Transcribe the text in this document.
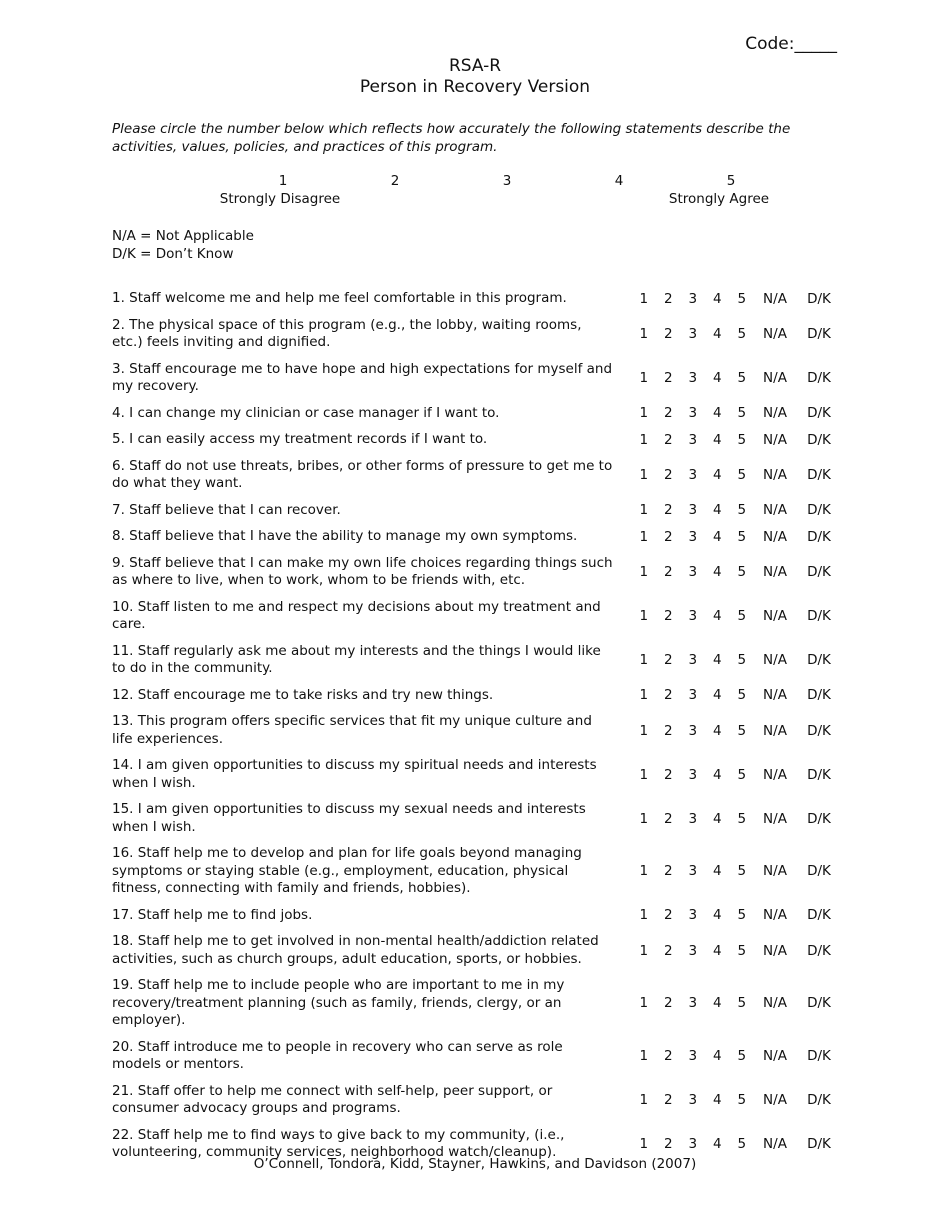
Code:_____
RSA-R
Person in Recovery Version
Please circle the number below which reflects how accurately the following statements describe the activities, values, policies, and practices of this program.
1	2	3	4	5
Strongly Disagree	Strongly Agree
N/A = Not Applicable
D/K = Don’t Know
1. Staff welcome me and help me feel comfortable in this program.	1	2	3	4	5	N/A	D/K
2. The physical space of this program (e.g., the lobby, waiting rooms, etc.) feels inviting and dignified.	1	2	3	4	5	N/A	D/K
3. Staff encourage me to have hope and high expectations for myself and my recovery.	1	2	3	4	5	N/A	D/K
4. I can change my clinician or case manager if I want to.	1	2	3	4	5	N/A	D/K
5. I can easily access my treatment records if I want to.	1	2	3	4	5	N/A	D/K
6. Staff do not use threats, bribes, or other forms of pressure to get me to do what they want.	1	2	3	4	5	N/A	D/K
7. Staff believe that I can recover.	1	2	3	4	5	N/A	D/K
8. Staff believe that I have the ability to manage my own symptoms.	1	2	3	4	5	N/A	D/K
9. Staff believe that I can make my own life choices regarding things such as where to live, when to work, whom to be friends with, etc.	1	2	3	4	5	N/A	D/K
10. Staff listen to me and respect my decisions about my treatment and care.	1	2	3	4	5	N/A	D/K
11. Staff regularly ask me about my interests and the things I would like to do in the community.	1	2	3	4	5	N/A	D/K
12. Staff encourage me to take risks and try new things.	1	2	3	4	5	N/A	D/K
13. This program offers specific services that fit my unique culture and life experiences.	1	2	3	4	5	N/A	D/K
14. I am given opportunities to discuss my spiritual needs and interests when I wish.	1	2	3	4	5	N/A	D/K
15. I am given opportunities to discuss my sexual needs and interests when I wish.	1	2	3	4	5	N/A	D/K
16. Staff help me to develop and plan for life goals beyond managing symptoms or staying stable (e.g., employment, education, physical fitness, connecting with family and friends, hobbies).
1	2	3	4	5	N/A	D/K
17. Staff help me to find jobs.	1	2	3	4	5	N/A	D/K
18. Staff help me to get involved in non-mental health/addiction related activities, such as church groups, adult education, sports, or hobbies.	1	2	3	4	5	N/A	D/K
19. Staff help me to include people who are important to me in my recovery/treatment planning (such as family, friends, clergy, or an employer).
1	2	3	4	5	N/A	D/K
20. Staff introduce me to people in recovery who can serve as role models or mentors.	1	2	3	4	5	N/A	D/K
21. Staff offer to help me connect with self-help, peer support, or consumer advocacy groups and programs.	1	2	3	4	5	N/A	D/K
22. Staff help me to find ways to give back to my community, (i.e., volunteering, community services, neighborhood watch/cleanup).	1	2	3	4	5	N/A	D/K
O’Connell, Tondora, Kidd, Stayner, Hawkins, and Davidson (2007)
